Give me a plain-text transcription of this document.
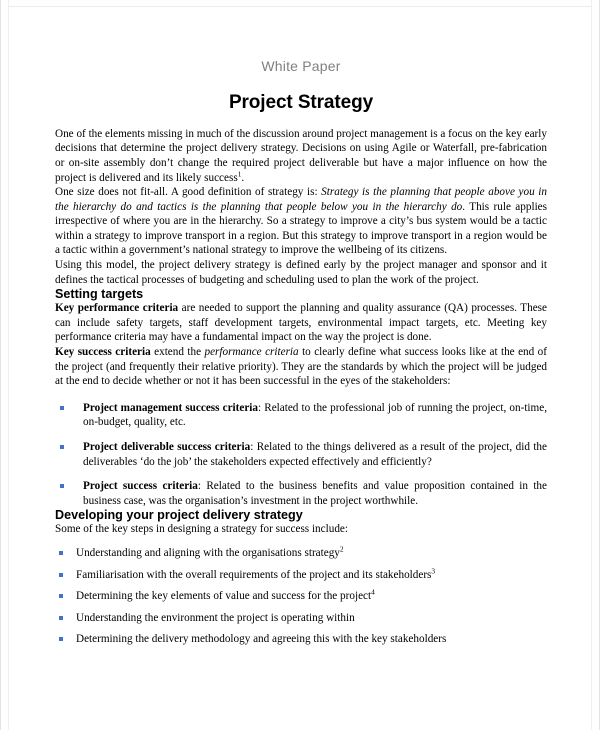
White Paper
Project Strategy

One of the elements missing in much of the discussion around project management is a focus on the key early decisions that determine the project delivery strategy. Decisions on using Agile or Waterfall, pre-fabrication or on-site assembly don’t change the required project deliverable but have a major influence on how the project is delivered and its likely success$^1$.

One size does not fit-all. A good definition of strategy is: Strategy is the planning that people above you in the hierarchy do and tactics is the planning that people below you in the hierarchy do. This rule applies irrespective of where you are in the hierarchy. So a strategy to improve a city’s bus system would be a tactic within a strategy to improve transport in a region. But this strategy to improve transport in a region would be a tactic within a government’s national strategy to improve the wellbeing of its citizens.

Using this model, the project delivery strategy is defined early by the project manager and sponsor and it defines the tactical processes of budgeting and scheduling used to plan the work of the project.

Setting targets

Key performance criteria are needed to support the planning and quality assurance (QA) processes. These can include safety targets, staff development targets, environmental impact targets, etc. Meeting key performance criteria may have a fundamental impact on the way the project is done.

Key success criteria extend the performance criteria to clearly define what success looks like at the end of the project (and frequently their relative priority). They are the standards by which the project will be judged at the end to decide whether or not it has been successful in the eyes of the stakeholders:

Project management success criteria: Related to the professional job of running the project, on-time, on-budget, quality, etc.
Project deliverable success criteria: Related to the things delivered as a result of the project, did the deliverables ‘do the job’ the stakeholders expected effectively and efficiently?
Project success criteria: Related to the business benefits and value proposition contained in the business case, was the organisation’s investment in the project worthwhile.
Developing your project delivery strategy

Some of the key steps in designing a strategy for success include:

Understanding and aligning with the organisations strategy$^2$
Familiarisation with the overall requirements of the project and its stakeholders$^3$
Determining the key elements of value and success for the project$^4$
Understanding the environment the project is operating within
Determining the delivery methodology and agreeing this with the key stakeholders
